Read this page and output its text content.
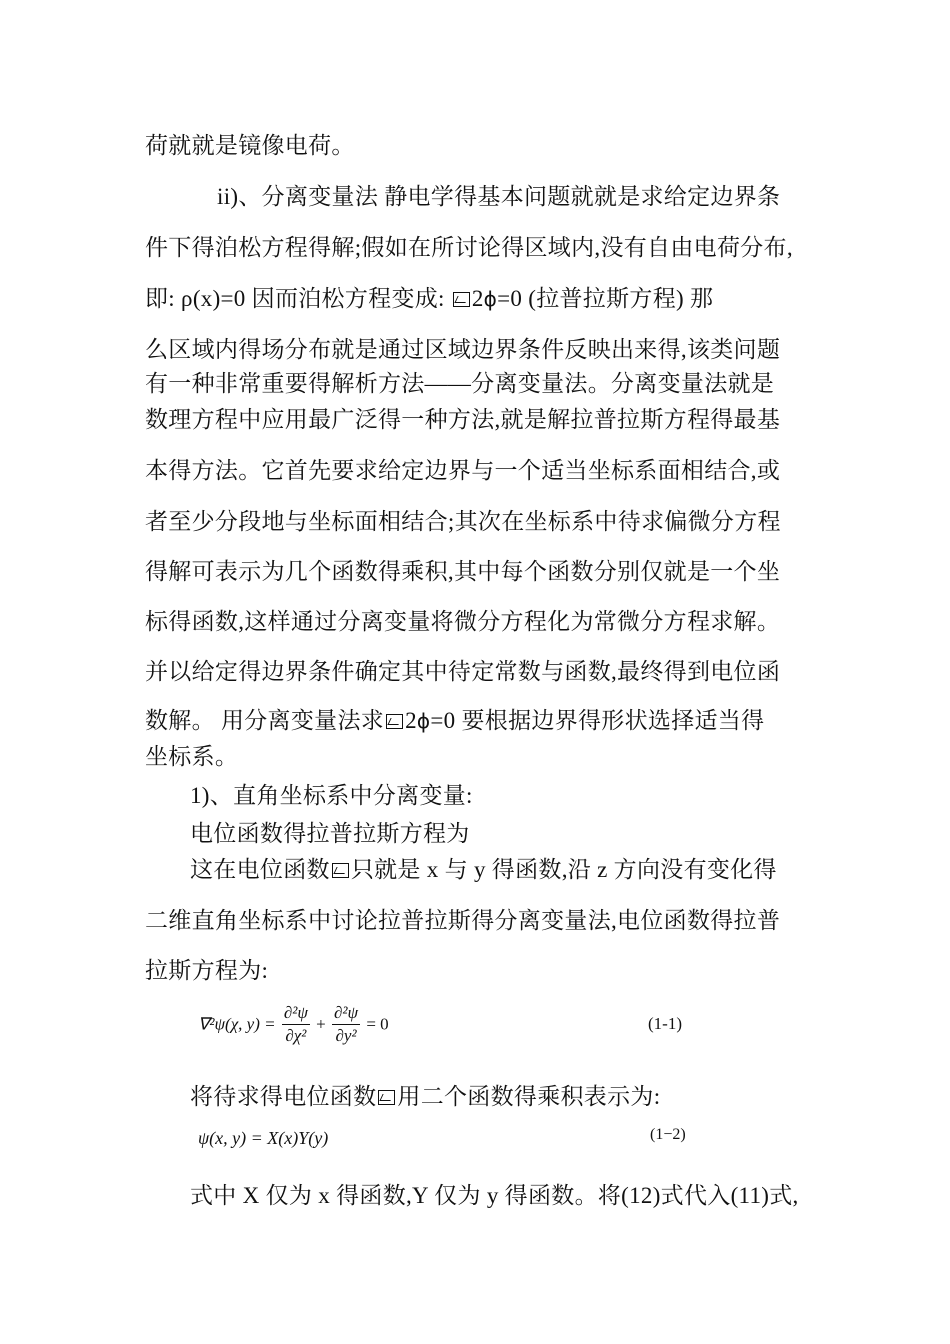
荷就就是镜像电荷。
ii)、分离变量法 静电学得基本问题就就是求给定边界条
件下得泊松方程得解;假如在所讨论得区域内,没有自由电荷分布,
即: ρ(x)=0 因而泊松方程变成: 2ϕ=0 (拉普拉斯方程) 那
么区域内得场分布就是通过区域边界条件反映出来得,该类问题
有一种非常重要得解析方法——分离变量法。分离变量法就是
数理方程中应用最广泛得一种方法,就是解拉普拉斯方程得最基
本得方法。它首先要求给定边界与一个适当坐标系面相结合,或
者至少分段地与坐标面相结合;其次在坐标系中待求偏微分方程
得解可表示为几个函数得乘积,其中每个函数分别仅就是一个坐
标得函数,这样通过分离变量将微分方程化为常微分方程求解。
并以给定得边界条件确定其中待定常数与函数,最终得到电位函
数解。 用分离变量法求 2ϕ=0 要根据边界得形状选择适当得
坐标系。
1)、直角坐标系中分离变量:
电位函数得拉普拉斯方程为
这在电位函数 只就是 x 与 y 得函数,沿 z 方向没有变化得
二维直角坐标系中讨论拉普拉斯得分离变量法,电位函数得拉普
拉斯方程为:
∇²ψ(χ, $y) = \frac{\text{∂²ψ}}{\text{∂χ²}} + \frac{\text{∂²ψ}}{\text{∂y²}} = 0$	(1-1)
将待求得电位函数 用二个函数得乘积表示为:
ψ(x, y) = X(x)Y(y)	(1−2)
式中 X 仅为 x 得函数,Y 仅为 y 得函数。将(12)式代入(11)式,
